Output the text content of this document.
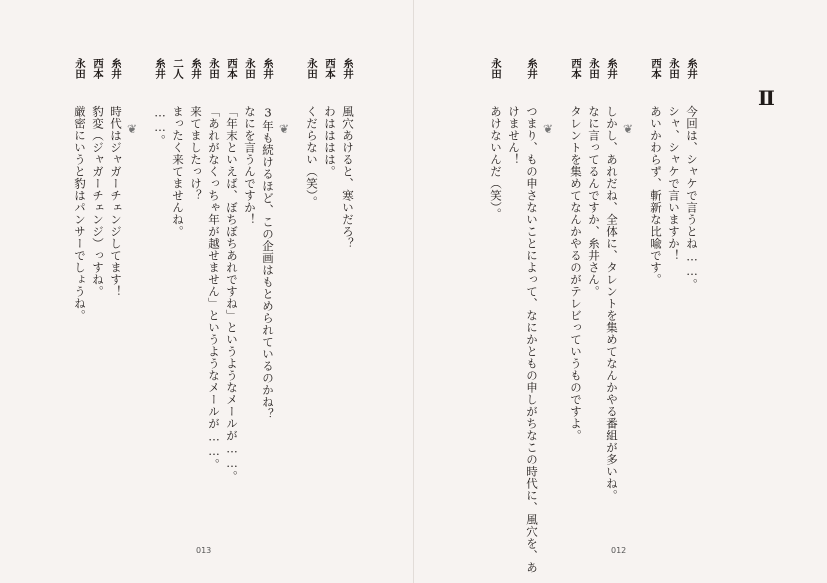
Ⅱ
013	012
糸井 今回は、シャケで言うとね……。
永田 シャ、シャケで言いますか！
西本 あいかわらず、斬新な比喩です。
❦
糸井 しかし、あれだね、全体に、タレントを集めてなんかやる番組が多いね。
永田 なに言ってるんですか、糸井さん。
西本 タレントを集めてなんかやるのがテレビっていうものですよ。
❦
糸井 つまり、もの申さないことによって、なにかともの申しがちなこの時代に、風穴を、あ
　　 けません！
永田 あけないんだ（笑）。
糸井 風穴あけると、寒いだろ？
西本 わはははは。
永田 くだらない（笑）。
❦
糸井 3年も続けるほど、この企画はもとめられているのかね？
永田 なにを言うんですか！
西本 「年末といえば、ぼちぼちあれですね」というようなメールが……。
永田 「あれがなくっちゃ年が越せません」というようなメールが……。
糸井 来てましたっけ？
二人 まったく来てませんね。
糸井 ……。
❦
糸井 時代はジャガーチェンジしてます！
西本 豹変（ジャガーチェンジ）っすね。
永田 厳密にいうと豹はパンサーでしょうね。
